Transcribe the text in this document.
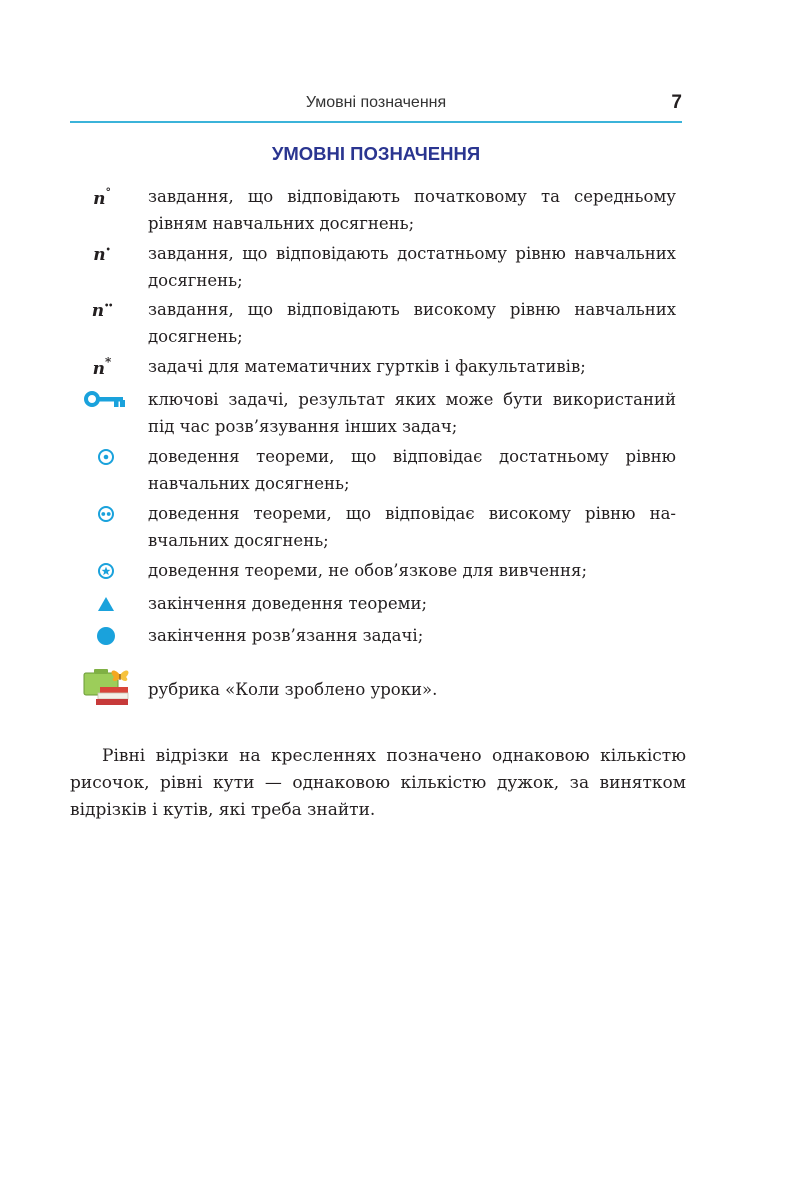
Умовні позначення	7
УМОВНІ ПОЗНАЧЕННЯ
n° завдання, що відповідають початковому та середньому рівням навчальних досягнень;
n• завдання, що відповідають достатньому рівню навчальних досягнень;
n•• завдання, що відповідають високому рівню навчальних досягнень;
n* задачі для математичних гуртків і факультативів;
ключові задачі, результат яких може бути використаний під час розв’язування інших задач;
доведення теореми, що відповідає достатньому рівню навчальних досягнень;
доведення теореми, що відповідає високому рівню навчальних досягнень;
доведення теореми, не обов’язкове для вивчення;
закінчення доведення теореми;
закінчення розв’язання задачі;
рубрика «Коли зроблено уроки».

Рівні відрізки на кресленнях позначено однаковою кількістю рисочок, рівні кути — однаковою кількістю дужок, за винятком відрізків і кутів, які треба знайти.
